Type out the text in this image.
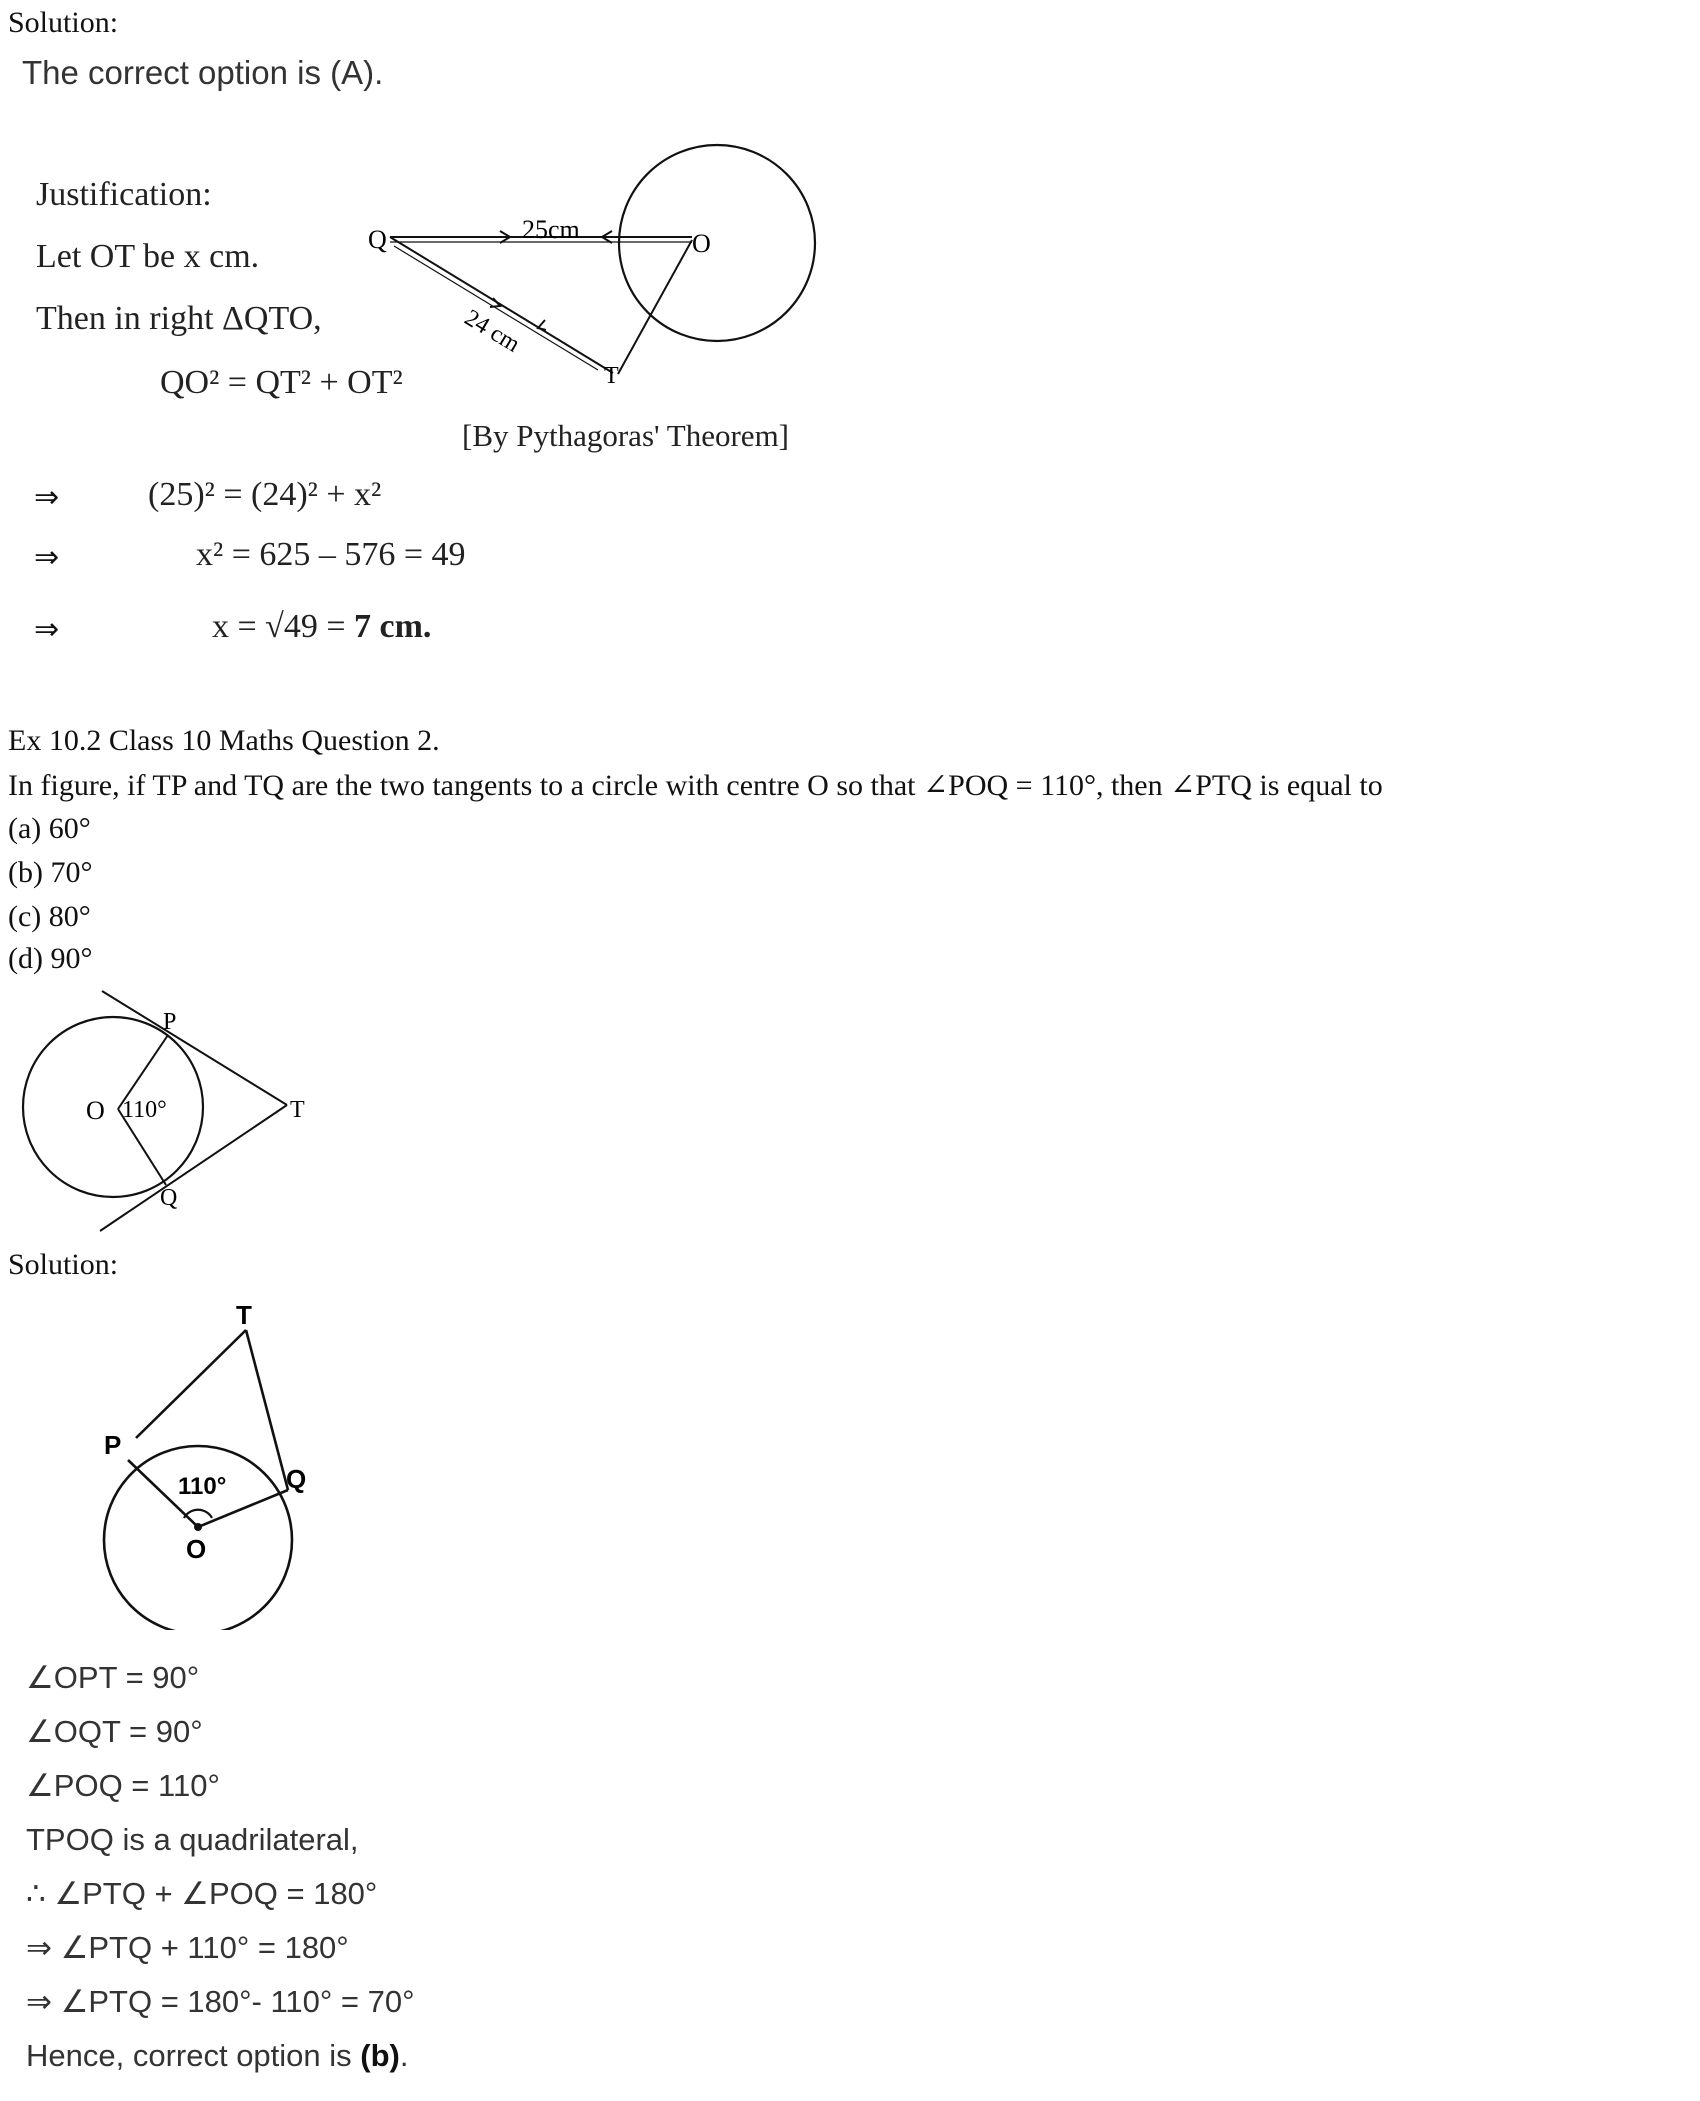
Solution:
The correct option is (A).
Justification:
Let OT be x cm.
Then in right ΔQTO,
QO² = QT² + OT²
[By Pythagoras' Theorem]
⇒	(25)² = (24)² + x²
⇒	x² = 625 – 576 = 49
⇒	x = √49 = 7 cm.
Q	O
T
25cm
24 cm
Ex 10.2 Class 10 Maths Question 2.
In figure, if TP and TQ are the two tangents to a circle with centre O so that ∠POQ = 110°, then ∠PTQ is equal to
(a) 60°
(b) 70°
(c) 80°
(d) 90°
P
O 110°	T
Q
Solution:
T
P
Q
O
110°
∠OPT = 90°
∠OQT = 90°
∠POQ = 110°
TPOQ is a quadrilateral,
∴ ∠PTQ + ∠POQ = 180°
⇒ ∠PTQ + 110° = 180°
⇒ ∠PTQ = 180°- 110° = 70°
Hence, correct option is (b).
